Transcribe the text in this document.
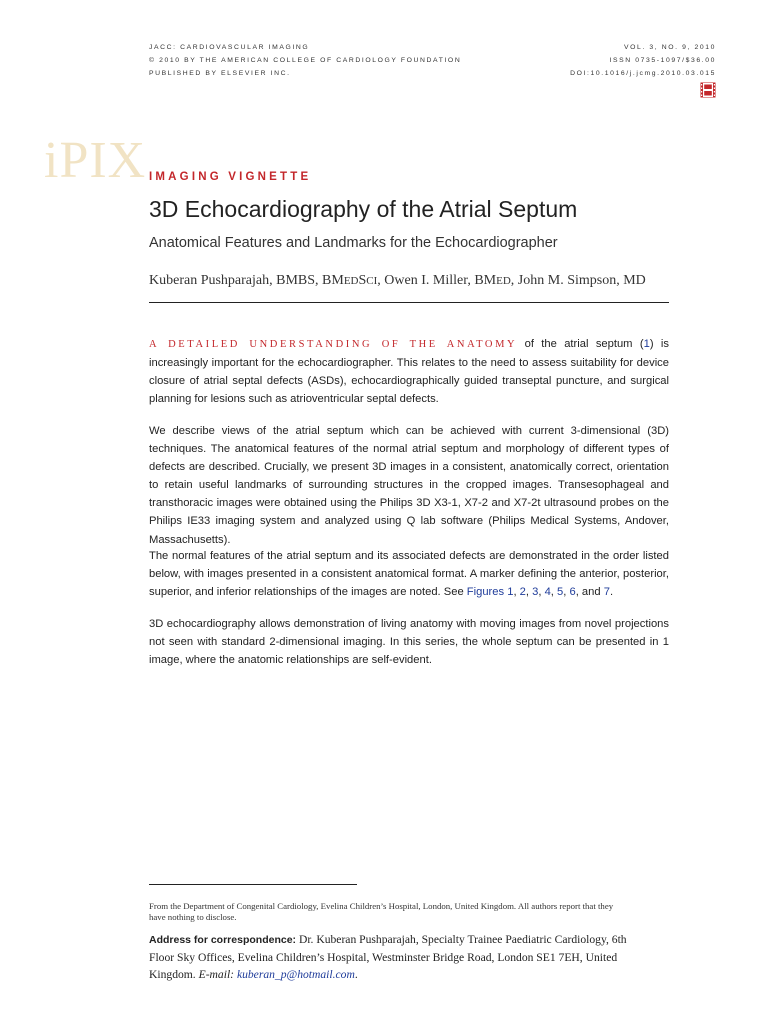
JACC: CARDIOVASCULAR IMAGING
© 2010 BY THE AMERICAN COLLEGE OF CARDIOLOGY FOUNDATION
PUBLISHED BY ELSEVIER INC.
VOL. 3, NO. 9, 2010
ISSN 0735-1097/$36.00
DOI:10.1016/j.jcmg.2010.03.015
iPIX IMAGING VIGNETTE
3D Echocardiography of the Atrial Septum
Anatomical Features and Landmarks for the Echocardiographer
Kuberan Pushparajah, BMBS, BMEDSCI, Owen I. Miller, BMED, John M. Simpson, MD
A DETAILED UNDERSTANDING OF THE ANATOMY of the atrial septum (1) is increasingly important for the echocardiographer. This relates to the need to assess suitability for device closure of atrial septal defects (ASDs), echocardiographically guided transeptal puncture, and surgical planning for lesions such as atrioventricular septal defects.
We describe views of the atrial septum which can be achieved with current 3-dimensional (3D) techniques. The anatomical features of the normal atrial septum and morphology of different types of defects are described. Crucially, we present 3D images in a consistent, anatomically correct, orientation to retain useful landmarks of surrounding structures in the cropped images. Transesophageal and transthoracic images were obtained using the Philips 3D X3-1, X7-2 and X7-2t ultrasound probes on the Philips IE33 imaging system and analyzed using Q lab software (Philips Medical Systems, Andover, Massachusetts).
The normal features of the atrial septum and its associated defects are demonstrated in the order listed below, with images presented in a consistent anatomical format. A marker defining the anterior, posterior, superior, and inferior relationships of the images are noted. See Figures 1, 2, 3, 4, 5, 6, and 7.
3D echocardiography allows demonstration of living anatomy with moving images from novel projections not seen with standard 2-dimensional imaging. In this series, the whole septum can be presented in 1 image, where the anatomic relationships are self-evident.
From the Department of Congenital Cardiology, Evelina Children’s Hospital, London, United Kingdom. All authors report that they have nothing to disclose.
Address for correspondence: Dr. Kuberan Pushparajah, Specialty Trainee Paediatric Cardiology, 6th Floor Sky Offices, Evelina Children’s Hospital, Westminster Bridge Road, London SE1 7EH, United Kingdom. E-mail: kuberan_p@hotmail.com.
